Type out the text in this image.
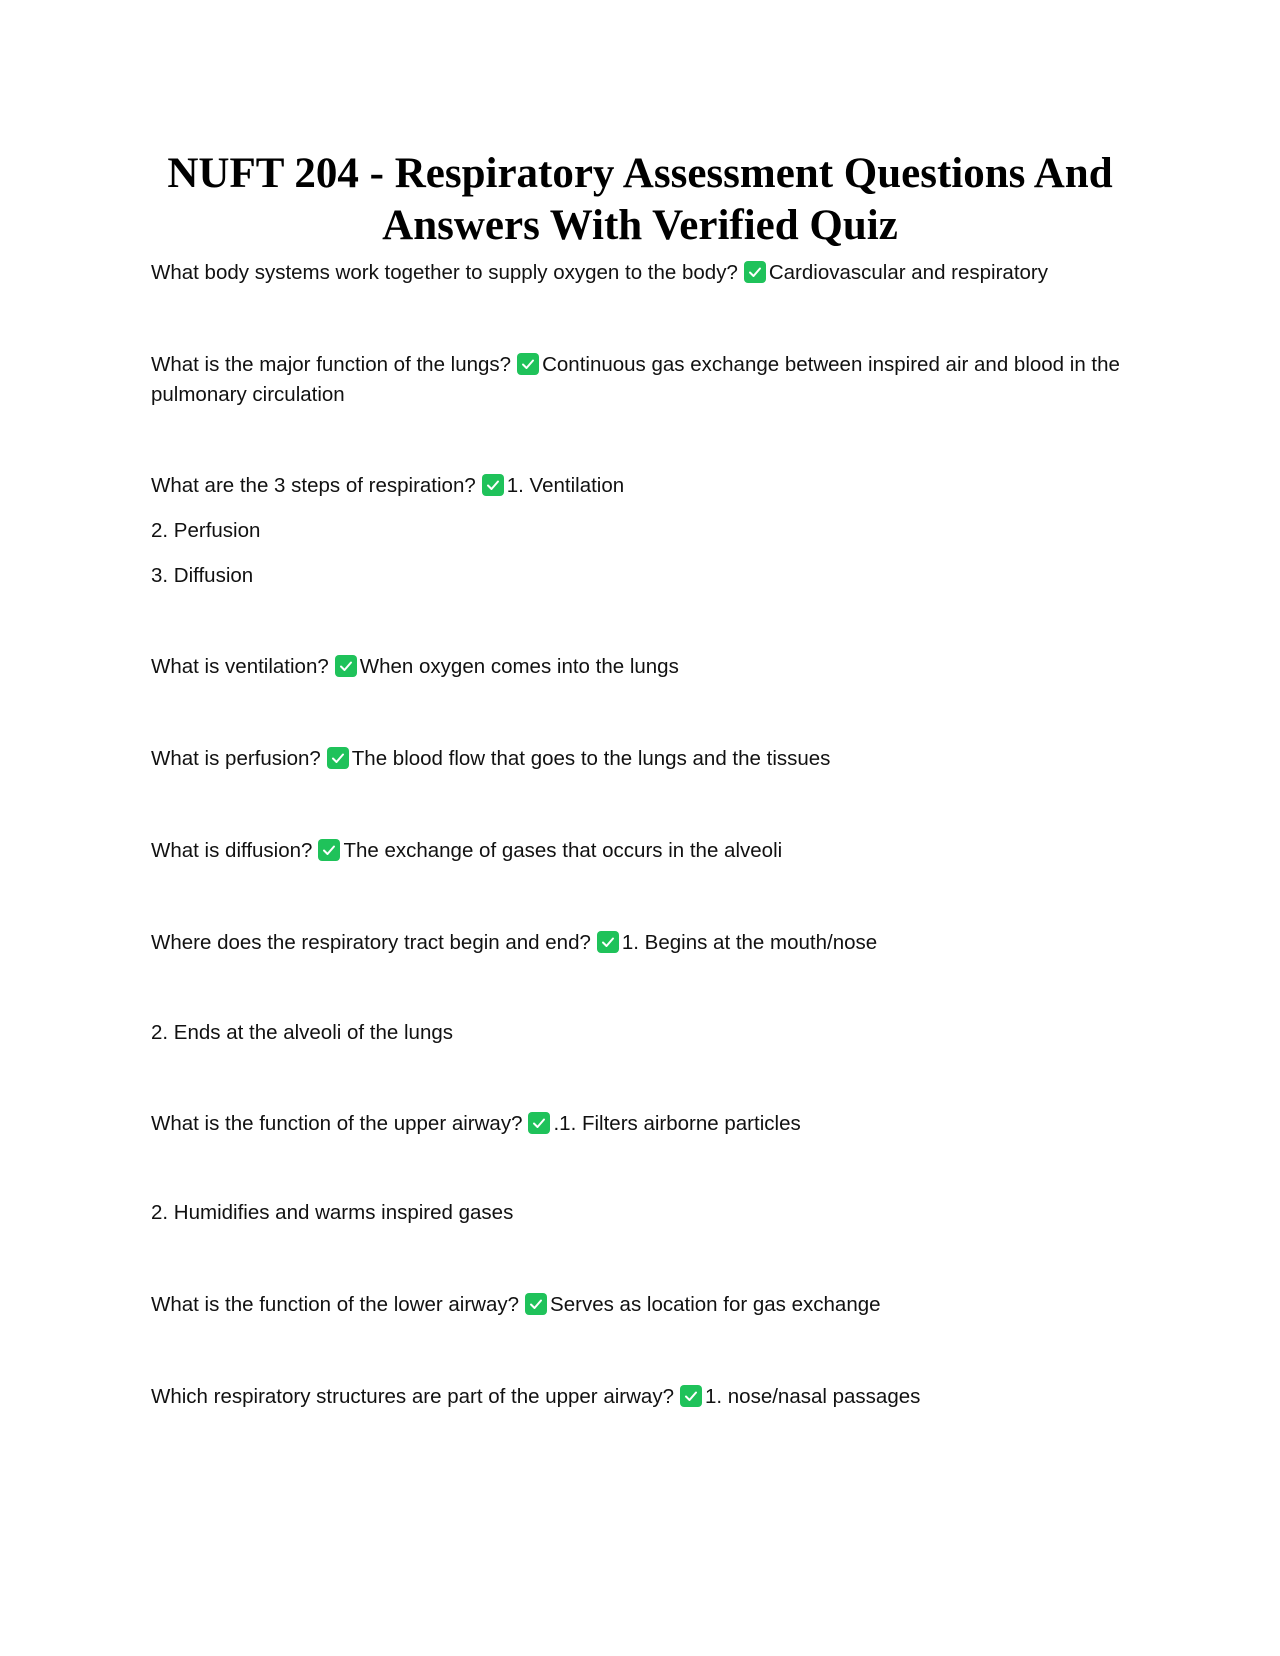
NUFT 204 - Respiratory Assessment Questions And Answers With Verified Quiz
What body systems work together to supply oxygen to the body? Cardiovascular and respiratory
What is the major function of the lungs? Continuous gas exchange between inspired air and blood in the pulmonary circulation
What are the 3 steps of respiration? 1. Ventilation
2. Perfusion
3. Diffusion
What is ventilation? When oxygen comes into the lungs
What is perfusion? The blood flow that goes to the lungs and the tissues
What is diffusion? The exchange of gases that occurs in the alveoli
Where does the respiratory tract begin and end? 1. Begins at the mouth/nose
2. Ends at the alveoli of the lungs
What is the function of the upper airway? .1. Filters airborne particles
2. Humidifies and warms inspired gases
What is the function of the lower airway? Serves as location for gas exchange
Which respiratory structures are part of the upper airway? 1. nose/nasal passages
